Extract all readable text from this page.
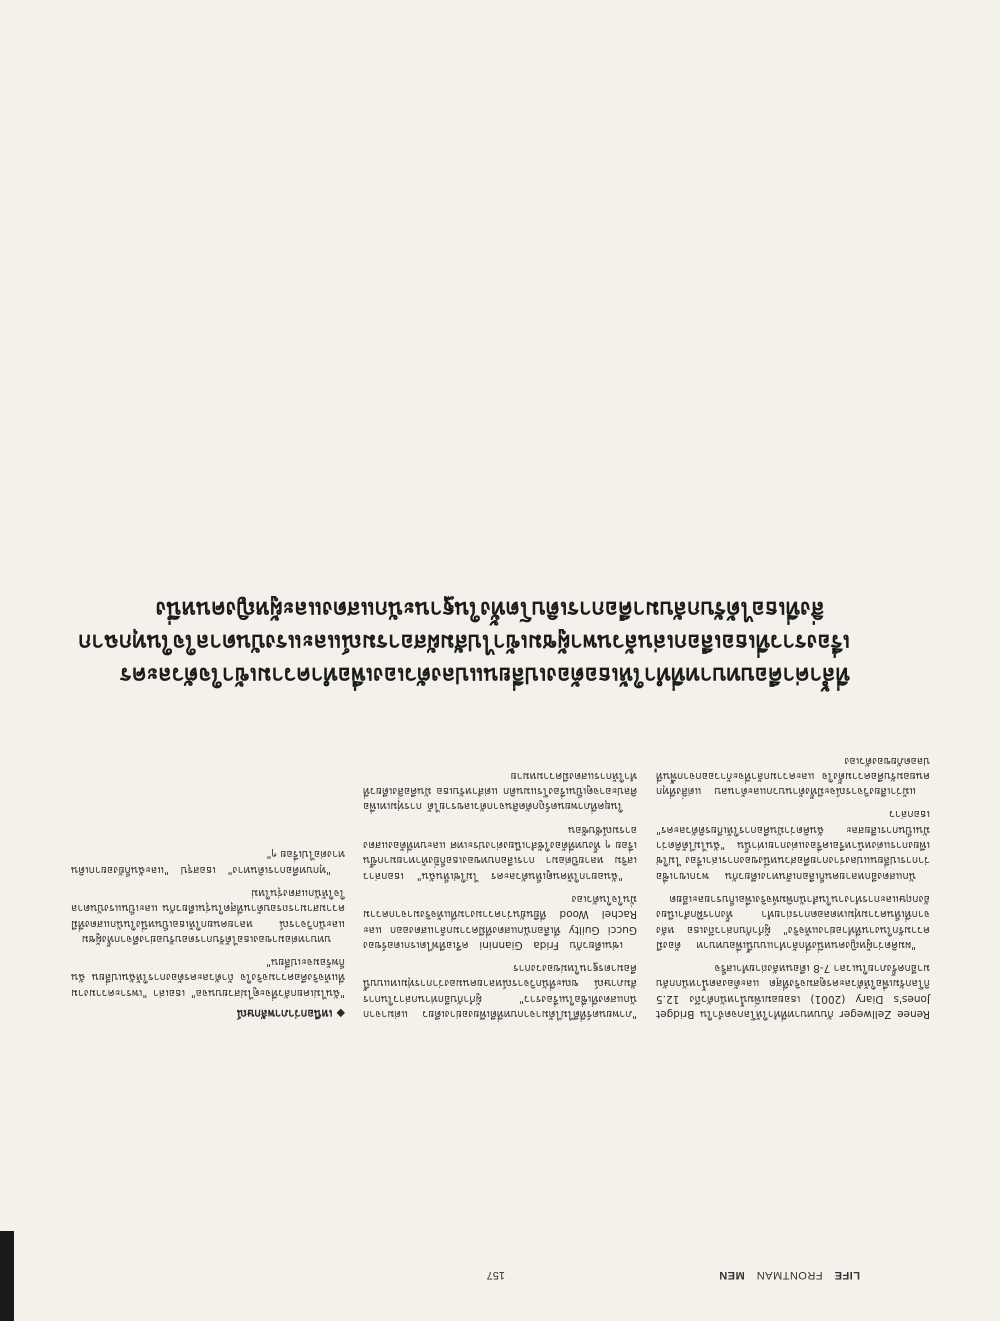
LIFE FRONTMAN MEN
157

Renee Zellweger กับบทบาทที่ทำให้โลกจดจำใน Bridget Jones's Diary (2001) เธอยอมเพิ่มน้ำหนักตัวถึง 12.5 กิโลกรัมเพื่อให้ตัวละครดูสมจริงที่สุด และต้องลดน้ำหนักกลับมาอีกครั้งภายในเวลา 7-8 เดือนหลังถ่ายทำเสร็จ

"ผมคิดว่าผู้หญิงคนหนึ่งที่กล้าทำแบบนี้เพื่อบทบาท ต้องมีความรักในงานที่ทำอย่างแท้จริง" ผู้กำกับกล่าวถึงเธอ หลังจากที่เห็นความทุ่มเทตลอดการถ่ายทำ ทั้งการฝึกสำเนียงอังกฤษและการทำงานในสำนักพิมพ์จริงเพื่อเก็บรายละเอียด

นักแสดงอีกหลายคนก็เลือกเส้นทางเดียวกัน พวกเขาเชื่อว่าการเปลี่ยนแปลงร่างกายคือส่วนหนึ่งของการเล่าเรื่อง ไม่ใช่เพียงการแต่งหน้าหรือเครื่องแต่งกายเท่านั้น "ฉันไม่ได้คิดว่ามันเป็นการเสียสละ ฉันคิดว่ามันคือการให้เกียรติตัวละคร" เธอกล่าว

แม้ว่าเสียงวิจารณ์จะมีทั้งด้านบวกและด้านลบ แต่สิ่งที่ทุกคนยอมรับคือความตั้งใจ และความกล้าที่จะก้าวออกจากพื้นที่ปลอดภัยของตัวเอง

"ภาพยนตร์ที่ดีไม่ได้มาจากบทที่ดีเพียงอย่างเดียว แต่มาจากนักแสดงที่เชื่อในเรื่องราว" ผู้กำกับอีกท่านกล่าวในการสัมภาษณ์ ขณะที่นักวิจารณ์หลายคนมองว่าการทุ่มเทแบบนี้คือมาตรฐานใหม่ของวงการ

เช่นเดียวกับ Frida Giannini ครีเอทีฟไดเรกเตอร์ของ Gucci Guilty ที่เลือกนักแสดงที่มีความกล้าแสดงออก และ Rachel Wood ที่ยืนยันว่าความงามที่แท้จริงมาจากความมั่นใจในตัวเอง

"ฉันอยากให้คนดูเห็นตัวละคร ไม่ใช่เห็นฉัน" เธอกล่าวเสริม หลายปีต่อมา การเลือกบทของเธอก็ยิ่งท้าทายมากขึ้นเรื่อย ๆ ทั้งบทที่ต้องใช้สำเนียงต่างประเทศ และบทที่ต้องแสดงอารมณ์ซับซ้อน

ในยุคที่ภาพยนตร์ถูกตัดสินจากตัวเลขรายได้ การทุ่มเทเพื่อศิลปะอาจดูเป็นเรื่องโรแมนติก แต่สำหรับเธอ มันคือสิ่งเดียวที่ทำให้การแสดงมีความหมาย

◆เหนือกว่าภาพลักษณ์

"ฉันไม่เคยกลัวที่จะดูไม่สวยบนจอ" เธอเล่า "เพราะความงามที่แท้จริงคือความจริงใจ ถ้าตัวละครต้องการให้ฉันเปลี่ยน ฉันก็พร้อมจะเปลี่ยน"

บทบาทต่อมาของเธอได้รับการตอบรับอย่างดีจากทั้งผู้ชมและนักวิจารณ์ หลายคนยกให้เธอเป็นหนึ่งในนักแสดงที่มีความสามารถรอบด้านที่สุดในรุ่นเดียวกัน และเป็นแรงบันดาลใจให้นักแสดงรุ่นใหม่

"ทุกบทคือการเดินทาง" เธอสรุป "และฉันก็ยังอยากเดินทางต่อไปเรื่อย ๆ"

ที่ล้ำค่าคือบทบาทที่ทำให้เธอต้องเปลี่ยนแปลงตัวเองเพื่อทำความเข้าใจตัวละคร
เรื่องราวที่เธอเลือกเล่นล้วนพาผู้ชมเข้าไปสัมผัสอารมณ์และแรงบันดาลใจในทุกฉาก
สิ่งที่เธอได้รับกลับมาคือการเติบโตทั้งในฐานะนักแสดงและผู้หญิงคนหนึ่ง
